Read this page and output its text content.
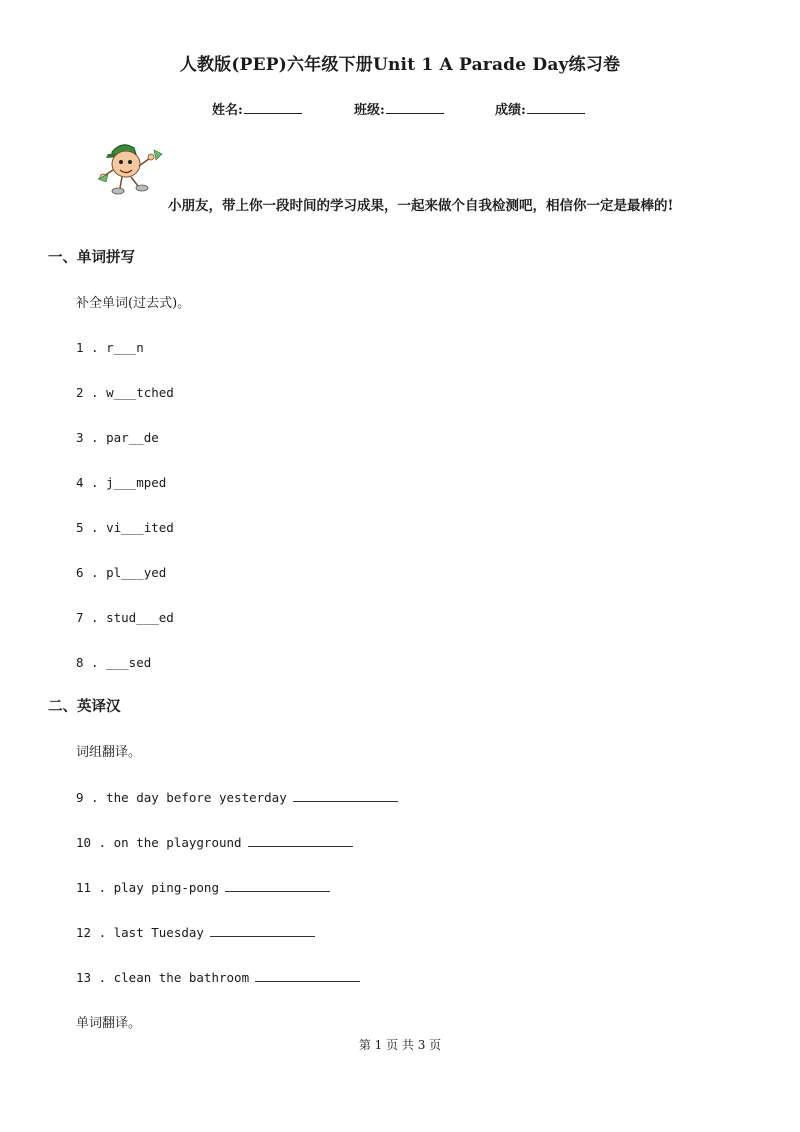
人教版(PEP)六年级下册Unit 1 A Parade Day练习卷
姓名:	班级:	成绩:
小朋友，带上你一段时间的学习成果，一起来做个自我检测吧，相信你一定是最棒的!
一、单词拼写
补全单词(过去式)。
1 . r___n
2 . w___tched
3 . par__de
4 . j___mped
5 . vi___ited
6 . pl___yed
7 . stud___ed
8 . ___sed
二、英译汉
词组翻译。
9 . the day before yesterday
10 . on the playground
11 . play ping-pong
12 . last Tuesday
13 . clean the bathroom
单词翻译。
第 1 页 共 3 页
